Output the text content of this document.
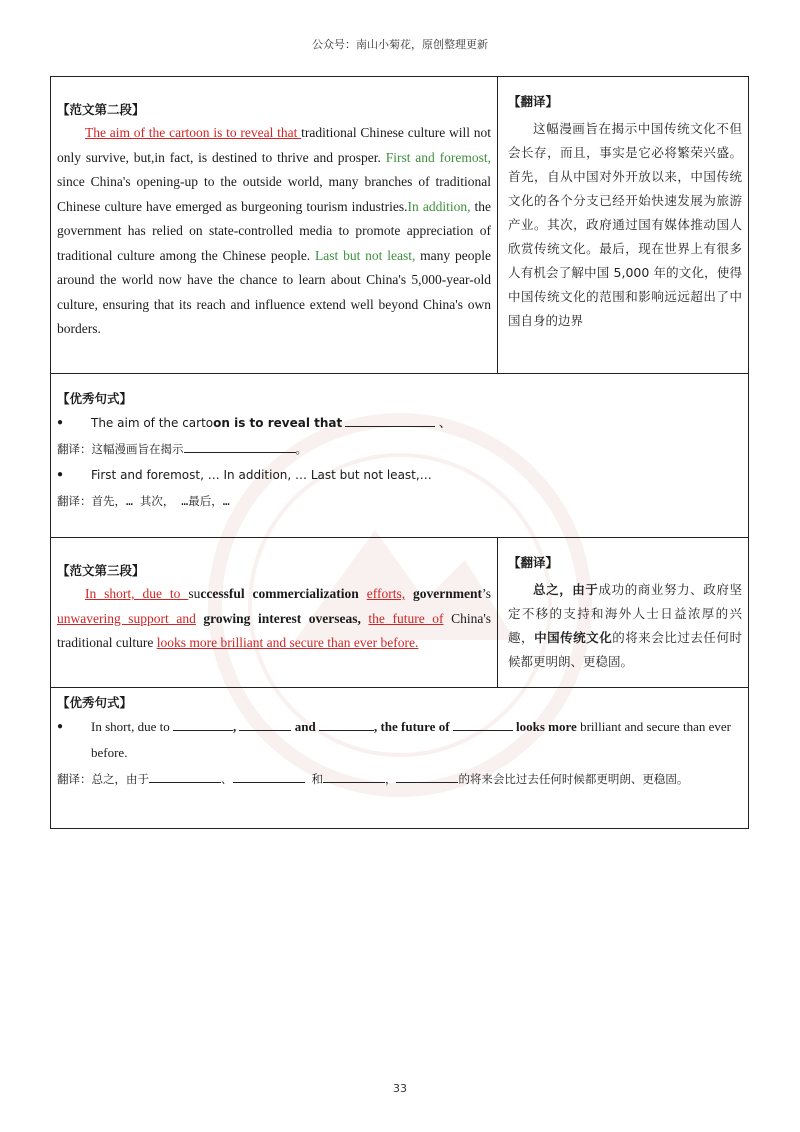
公众号：南山小菊花，原创整理更新
【范文第二段】

The aim of the cartoon is to reveal that traditional Chinese culture will not only survive, but,in fact, is destined to thrive and prosper. First and foremost, since China's opening-up to the outside world, many branches of traditional Chinese culture have emerged as burgeoning tourism industries.In addition, the government has relied on state-controlled media to promote appreciation of traditional culture among the Chinese people. Last but not least, many people around the world now have the chance to learn about China's 5,000-year-old culture, ensuring that its reach and influence extend well beyond China's own borders.

【翻译】

这幅漫画旨在揭示中国传统文化不但会长存，而且，事实是它必将繁荣兴盛。首先，自从中国对外开放以来，中国传统文化的各个分支已经开始快速发展为旅游产业。其次，政府通过国有媒体推动国人欣赏传统文化。最后，现在世界上有很多人有机会了解中国 5,000 年的文化，使得中国传统文化的范围和影响远远超出了中国自身的边界

【优秀句式】
●	The aim of the cartoon is to reveal that	、
翻译：这幅漫画旨在揭示	。
●	First and foremost, … In addition, … Last but not least,…
翻译：首先，… 其次， …最后，…
【范文第三段】

In short, due to successful commercialization efforts, government’s unwavering support and growing interest overseas, the future of China's traditional culture looks more brilliant and secure than ever before.

【翻译】

总之，由于成功的商业努力、政府坚定不移的支持和海外人士日益浓厚的兴趣，中国传统文化的将来会比过去任何时候都更明朗、更稳固。

【优秀句式】
●	In short, due to	,	and	, the future of	looks more brilliant and secure than ever before.
翻译：总之，由于	、	和	，	的将来会比过去任何时候都更明朗、更稳固。
33
